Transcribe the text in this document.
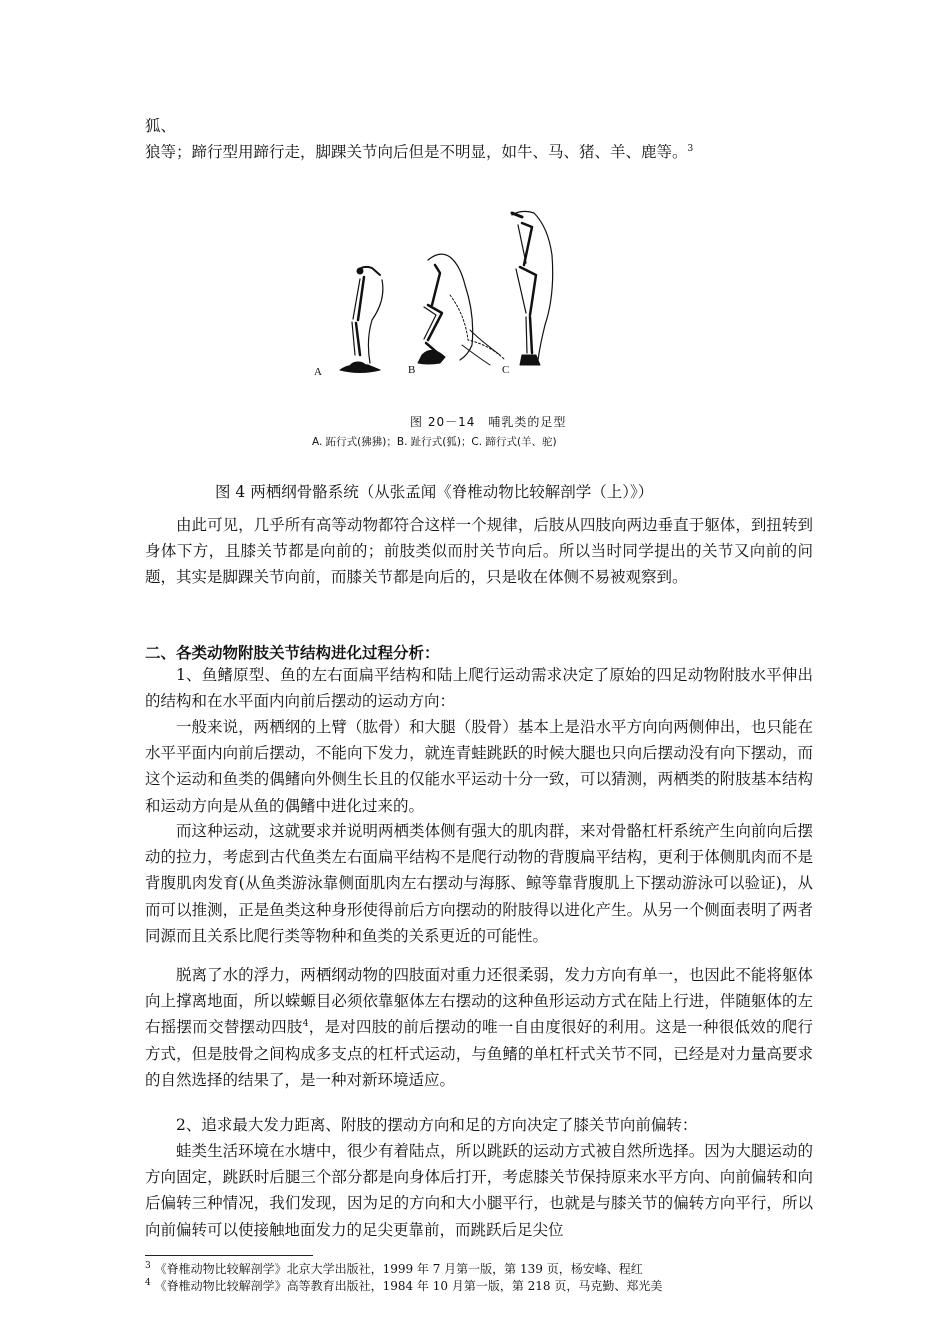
狐、
狼等；蹄行型用蹄行走，脚踝关节向后但是不明显，如牛、马、猪、羊、鹿等。$^3$
A	B	C
图 20－14　哺乳类的足型
A. 跖行式(狒狒)；B. 趾行式(狐)；C. 蹄行式(羊、驼)
图 4 两栖纲骨骼系统（从张孟闻《脊椎动物比较解剖学（上）》）
由此可见，几乎所有高等动物都符合这样一个规律，后肢从四肢向两边垂直于躯体，到扭转到身体下方，且膝关节都是向前的；前肢类似而肘关节向后。所以当时同学提出的关节又向前的问题，其实是脚踝关节向前，而膝关节都是向后的，只是收在体侧不易被观察到。
二、各类动物附肢关节结构进化过程分析：
1、鱼鳍原型、鱼的左右面扁平结构和陆上爬行运动需求决定了原始的四足动物附肢水平伸出的结构和在水平面内向前后摆动的运动方向：
一般来说，两栖纲的上臂（肱骨）和大腿（股骨）基本上是沿水平方向向两侧伸出，也只能在水平平面内向前后摆动，不能向下发力，就连青蛙跳跃的时候大腿也只向后摆动没有向下摆动，而这个运动和鱼类的偶鳍向外侧生长且的仅能水平运动十分一致，可以猜测，两栖类的附肢基本结构和运动方向是从鱼的偶鳍中进化过来的。
而这种运动，这就要求并说明两栖类体侧有强大的肌肉群，来对骨骼杠杆系统产生向前向后摆动的拉力，考虑到古代鱼类左右面扁平结构不是爬行动物的背腹扁平结构，更利于体侧肌肉而不是背腹肌肉发育(从鱼类游泳靠侧面肌肉左右摆动与海豚、鲸等靠背腹肌上下摆动游泳可以验证)，从而可以推测，正是鱼类这种身形使得前后方向摆动的附肢得以进化产生。从另一个侧面表明了两者同源而且关系比爬行类等物种和鱼类的关系更近的可能性。
脱离了水的浮力，两栖纲动物的四肢面对重力还很柔弱，发力方向有单一，也因此不能将躯体向上撑离地面，所以蝾螈目必须依靠躯体左右摆动的这种鱼形运动方式在陆上行进，伴随躯体的左右摇摆而交替摆动四肢$^4$，是对四肢的前后摆动的唯一自由度很好的利用。这是一种很低效的爬行方式，但是肢骨之间构成多支点的杠杆式运动，与鱼鳍的单杠杆式关节不同，已经是对力量高要求的自然选择的结果了，是一种对新环境适应。
2、追求最大发力距离、附肢的摆动方向和足的方向决定了膝关节向前偏转：
蛙类生活环境在水塘中，很少有着陆点，所以跳跃的运动方式被自然所选择。因为大腿运动的方向固定，跳跃时后腿三个部分都是向身体后打开，考虑膝关节保持原来水平方向、向前偏转和向后偏转三种情况，我们发现，因为足的方向和大小腿平行，也就是与膝关节的偏转方向平行，所以向前偏转可以使接触地面发力的足尖更靠前，而跳跃后足尖位
$^3$ 《脊椎动物比较解剖学》北京大学出版社，1999 年 7 月第一版，第 139 页，杨安峰、程红
$^4$ 《脊椎动物比较解剖学》高等教育出版社，1984 年 10 月第一版，第 218 页，马克勤、郑光美
